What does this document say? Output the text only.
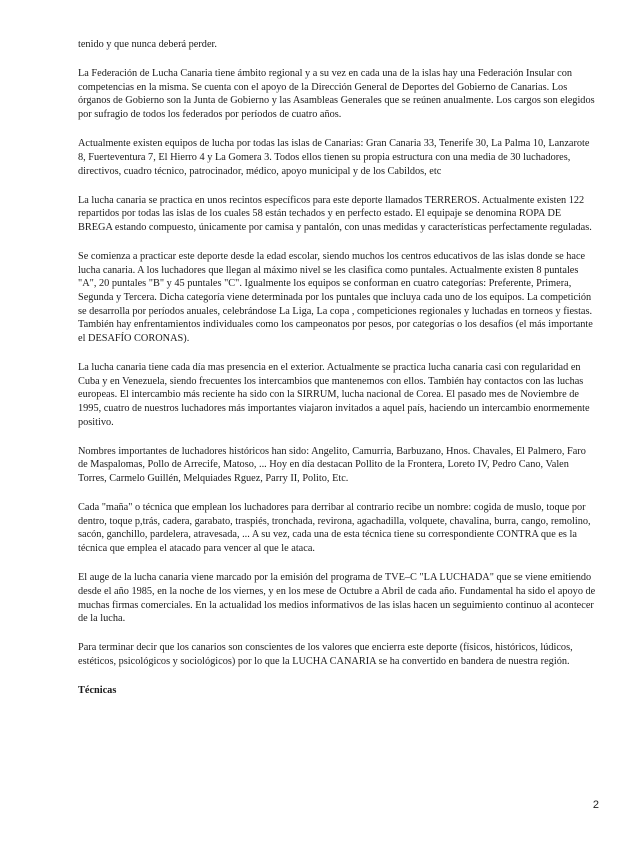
tenido y que nunca deberá perder.

La Federación de Lucha Canaria tiene ámbito regional y a su vez en cada una de la islas hay una Federación Insular con competencias en la misma. Se cuenta con el apoyo de la Dirección General de Deportes del Gobierno de Canarias. Los órganos de Gobierno son la Junta de Gobierno y las Asambleas Generales que se reúnen anualmente. Los cargos son elegidos por sufragio de todos los federados por períodos de cuatro años.

Actualmente existen equipos de lucha por todas las islas de Canarias: Gran Canaria 33, Tenerife 30, La Palma 10, Lanzarote 8, Fuerteventura 7, El Hierro 4 y La Gomera 3. Todos ellos tienen su propia estructura con una media de 30 luchadores, directivos, cuadro técnico, patrocinador, médico, apoyo municipal y de los Cabildos, etc

La lucha canaria se practica en unos recintos específicos para este deporte llamados TERREROS. Actualmente existen 122 repartidos por todas las islas de los cuales 58 están techados y en perfecto estado. El equipaje se denomina ROPA DE BREGA estando compuesto, únicamente por camisa y pantalón, con unas medidas y características perfectamente reguladas.

Se comienza a practicar este deporte desde la edad escolar, siendo muchos los centros educativos de las islas donde se hace lucha canaria. A los luchadores que llegan al máximo nivel se les clasifica como puntales. Actualmente existen 8 puntales "A", 20 puntales "B" y 45 puntales "C". Igualmente los equipos se conforman en cuatro categorías: Preferente, Primera, Segunda y Tercera. Dicha categoría viene determinada por los puntales que incluya cada uno de los equipos. La competición se desarrolla por períodos anuales, celebrándose La Liga, La copa , competiciones regionales y luchadas en torneos y fiestas. También hay enfrentamientos individuales como los campeonatos por pesos, por categorías o los desafíos (el más importante el DESAFÍO CORONAS).

La lucha canaria tiene cada día mas presencia en el exterior. Actualmente se practica lucha canaria casi con regularidad en Cuba y en Venezuela, siendo frecuentes los intercambios que mantenemos con ellos. También hay contactos con las luchas europeas. El intercambio más reciente ha sido con la SIRRUM, lucha nacional de Corea. El pasado mes de Noviembre de 1995, cuatro de nuestros luchadores más importantes viajaron invitados a aquel país, haciendo un intercambio enormemente positivo.

Nombres importantes de luchadores históricos han sido: Angelito, Camurria, Barbuzano, Hnos. Chavales, El Palmero, Faro de Maspalomas, Pollo de Arrecife, Matoso, ... Hoy en día destacan Pollito de la Frontera, Loreto IV, Pedro Cano, Valen Torres, Carmelo Guillén, Melquiades Rguez, Parry II, Polito, Etc.

Cada "maña" o técnica que emplean los luchadores para derribar al contrario recibe un nombre: cogida de muslo, toque por dentro, toque p,trás, cadera, garabato, traspiés, tronchada, revirona, agachadilla, volquete, chavalina, burra, cango, remolino, sacón, ganchillo, pardelera, atravesada, ... A su vez, cada una de esta técnica tiene su correspondiente CONTRA que es la técnica que emplea el atacado para vencer al que le ataca.

El auge de la lucha canaria viene marcado por la emisión del programa de TVE–C "LA LUCHADA" que se viene emitiendo desde el año 1985, en la noche de los viernes, y en los mese de Octubre a Abril de cada año. Fundamental ha sido el apoyo de muchas firmas comerciales. En la actualidad los medios informativos de las islas hacen un seguimiento continuo al acontecer de la lucha.

Para terminar decir que los canarios son conscientes de los valores que encierra este deporte (físicos, históricos, lúdicos, estéticos, psicológicos y sociológicos) por lo que la LUCHA CANARIA se ha convertido en bandera de nuestra región.

Técnicas

2
